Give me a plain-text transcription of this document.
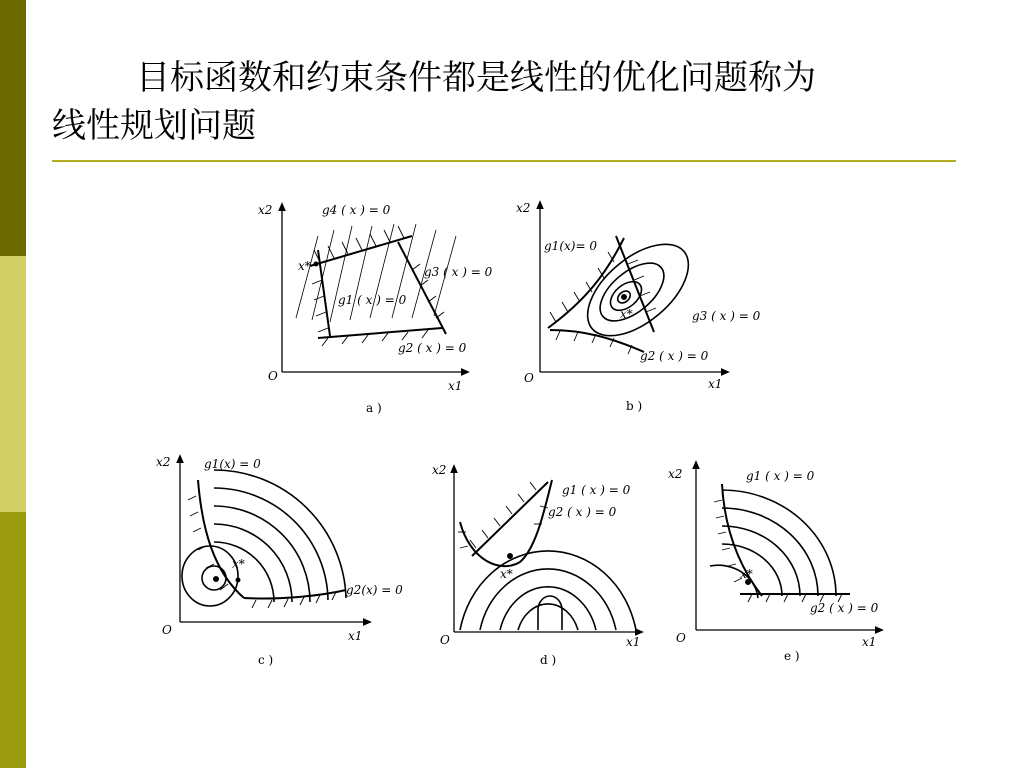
目标函数和约束条件都是线性的优化问题称为
线性规划问题
x2
x1
O
g4 ( x ) = 0
g3 ( x ) = 0
g1 ( x ) = 0
g2 ( x ) = 0
x*
a )
x2
x1
O
g1(x)= 0
g3 ( x ) = 0
g2 ( x ) = 0
x*
b )
x2
x1
O
g1(x) = 0
g2(x) = 0
x*
c )
x2
x1
O
g1 ( x ) = 0
g2 ( x ) = 0
x*
d )
x2
x1
O
g1 ( x ) = 0
g2 ( x ) = 0
x*
e )
